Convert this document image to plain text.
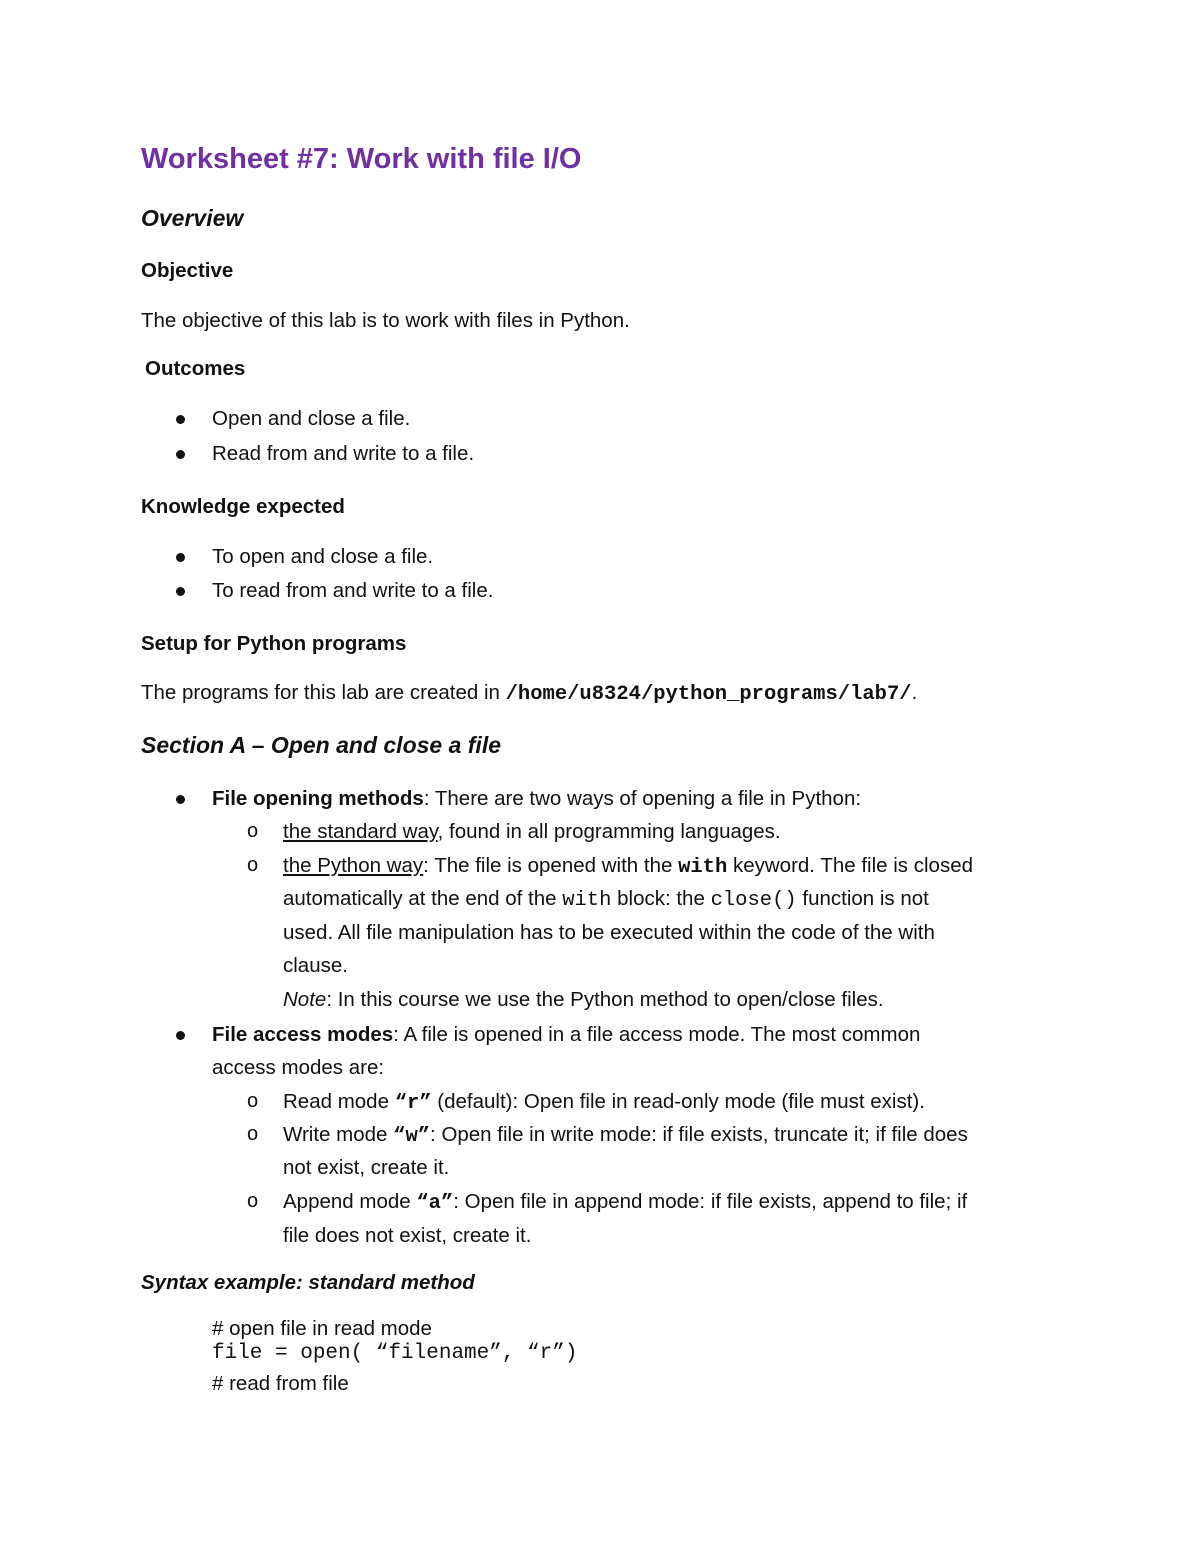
Worksheet #7: Work with file I/O
Overview
Objective
The objective of this lab is to work with files in Python.
Outcomes
Open and close a file.
Read from and write to a file.
Knowledge expected
To open and close a file.
To read from and write to a file.
Setup for Python programs
The programs for this lab are created in /home/u8324/python_programs/lab7/.
Section A – Open and close a file
File opening methods: There are two ways of opening a file in Python:
o the standard way, found in all programming languages.
o the Python way: The file is opened with the with keyword. The file is closed
automatically at the end of the with block: the close() function is not
used. All file manipulation has to be executed within the code of the with
clause.
Note: In this course we use the Python method to open/close files.
File access modes: A file is opened in a file access mode. The most common
access modes are:
o Read mode “r” (default): Open file in read-only mode (file must exist).
o Write mode “w”: Open file in write mode: if file exists, truncate it; if file does
not exist, create it.
o Append mode “a”: Open file in append mode: if file exists, append to file; if
file does not exist, create it.
Syntax example: standard method
# open file in read mode
file = open( “filename”, “r”)
# read from file
